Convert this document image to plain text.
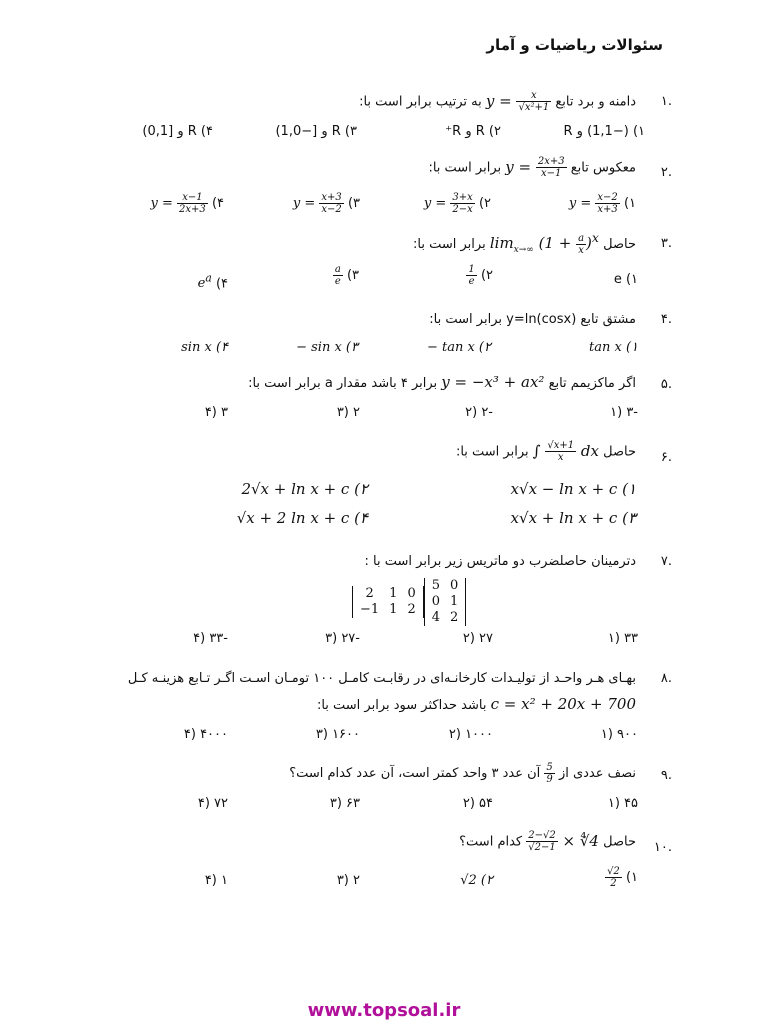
سئوالات ریاضیات و آمار
.۱
دامنه و برد تابع $y = \frac{x}{\text{√x²+1}}$
به ترتیب برابر است با:
۱) (−1,1) و R
۲) R و R⁺
۳) R و [−1,0)
۴) R و [0,1)
.۲
معکوس تابع $y = \frac{2x+3}{x-1}$
برابر است با:
۱) $y = \frac{x-2}{x+3}$
۲) $y = \frac{3+x}{2-x}$
۳) $y = \frac{x+3}{x-2}$
۴) $y = \frac{x-1}{2x+3}$
.۳
حاصل $\lim_{x\to\infty} (1 + \frac{a}{x} )^x$ برابر است با:
e (۱
۲)
$\frac{1}{e}$
۳)
$\frac{a}{e}$
۴) $e^a$
.۴
مشتق تابع y=ln(cosx) برابر است با:
tan x (۱
− tan x (۲
− sin x (۳
sin x (۴
.۵
اگر ماکزیمم تابع y = −x³ + ax² برابر ۴ باشد مقدار a برابر است با:
-۳ (۱
-۲ (۲
۲ (۳
۳ (۴
.۶
حاصل ∫ $\frac{√x+1}{x}$ dx برابر است با:
x√x − ln x + c (۱
2√x + ln x + c (۲
x√x + ln x + c (۳
√x + 2 ln x + c (۴
.۷
دترمینان حاصلضرب دو ماتریس زیر برابر است با :
2	1	0
−1	1	2
5	0
0	1
4	2
۳۳ (۱
۲۷ (۲
-۲۷ (۳
-۳۳ (۴
.۸
بهـای هـر واحـد از تولیـدات کارخانـه‌ای در رقابـت کامـل ۱۰۰ تومـان اسـت اگـر تـابع هزینـه کـل
c = x² + 20x + 700 باشد حداکثر سود برابر است با:
۹۰۰ (۱
۱۰۰۰ (۲
۱۶۰۰ (۳
۴۰۰۰ (۴
.۹
نصف عددی از
$\frac{5}{9}$
آن عدد ۳ واحد کمتر است، آن عدد کدام است؟
۴۵ (۱
۵۴ (۲
۶۳ (۳
۷۲ (۴
.۱۰
حاصل
$\frac{2-√2}{√2-1}$ × ∜4 کدام است؟
۱)
$\frac{√2}{2}$
√2 (۲
۲ (۳
۱ (۴
www.topsoal.ir
